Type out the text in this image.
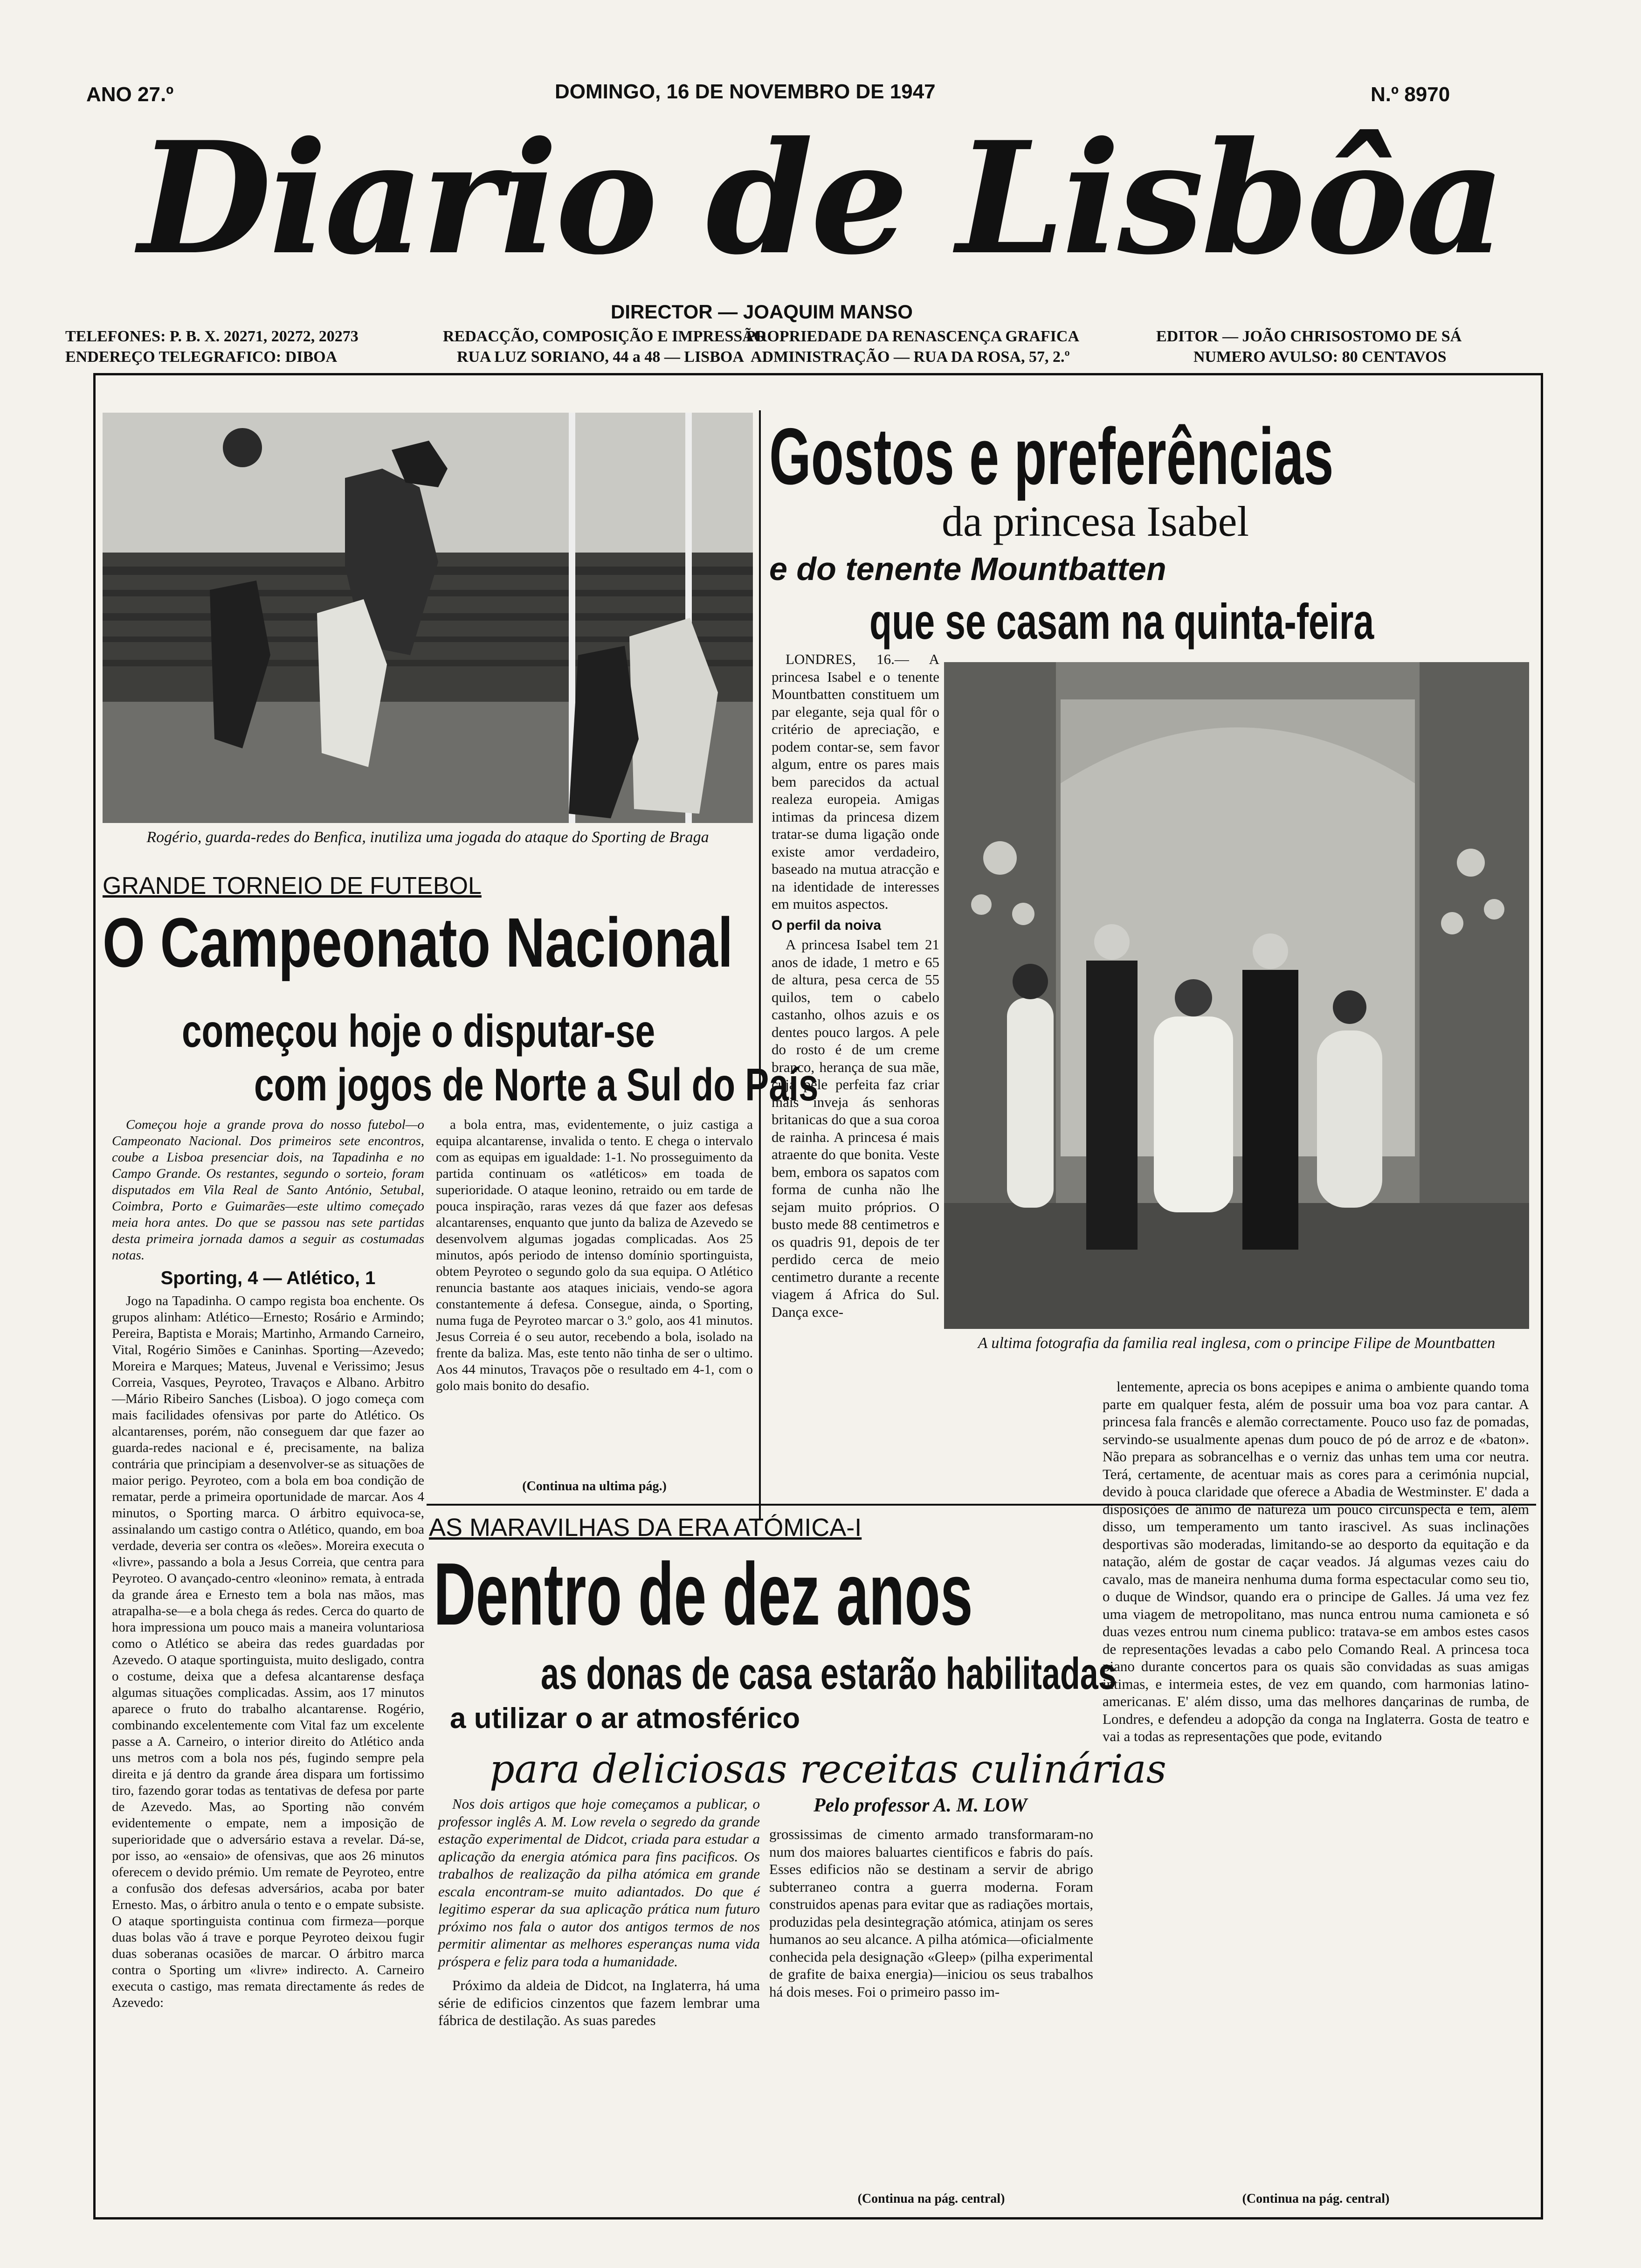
ANO 27.º	DOMINGO, 16 DE NOVEMBRO DE 1947	N.º 8970
Diario de Lisbôa
DIRECTOR — JOAQUIM MANSO
TELEFONES: P. B. X. 20271, 20272, 20273
ENDEREÇO TELEGRAFICO: DIBOA
REDACÇÃO, COMPOSIÇÃO E IMPRESSÃO
RUA LUZ SORIANO, 44 a 48 — LISBOA
PROPRIEDADE DA RENASCENÇA GRAFICA
ADMINISTRAÇÃO — RUA DA ROSA, 57, 2.º
EDITOR — JOÃO CHRISOSTOMO DE SÁ
NUMERO AVULSO: 80 CENTAVOS
Rogério, guarda-redes do Benfica, inutiliza uma jogada do ataque do Sporting de Braga
GRANDE TORNEIO DE FUTEBOL
O Campeonato Nacional
começou hoje o disputar-se
com jogos de Norte a Sul do País

Começou hoje a grande prova do nosso futebol—o Campeonato Nacional. Dos primeiros sete encontros, coube a Lisboa presenciar dois, na Tapadinha e no Campo Grande. Os restantes, segundo o sorteio, foram disputados em Vila Real de Santo António, Setubal, Coimbra, Porto e Guimarães—este ultimo começado meia hora antes. Do que se passou nas sete partidas desta primeira jornada damos a seguir as costumadas notas.

Sporting, 4 — Atlético, 1

Jogo na Tapadinha. O campo regista boa enchente. Os grupos alinham: Atlético—Ernesto; Rosário e Armindo; Pereira, Baptista e Morais; Martinho, Armando Carneiro, Vital, Rogério Simões e Caninhas. Sporting—Azevedo; Moreira e Marques; Mateus, Juvenal e Verissimo; Jesus Correia, Vasques, Peyroteo, Travaços e Albano. Arbitro—Mário Ribeiro Sanches (Lisboa). O jogo começa com mais facilidades ofensivas por parte do Atlético. Os alcantarenses, porém, não conseguem dar que fazer ao guarda-redes nacional e é, precisamente, na baliza contrária que principiam a desenvolver-se as situações de maior perigo. Peyroteo, com a bola em boa condição de rematar, perde a primeira oportunidade de marcar. Aos 4 minutos, o Sporting marca. O árbitro equivoca-se, assinalando um castigo contra o Atlético, quando, em boa verdade, deveria ser contra os «leões». Moreira executa o «livre», passando a bola a Jesus Correia, que centra para Peyroteo. O avançado-centro «leonino» remata, à entrada da grande área e Ernesto tem a bola nas mãos, mas atrapalha-se—e a bola chega ás redes. Cerca do quarto de hora impressiona um pouco mais a maneira voluntariosa como o Atlético se abeira das redes guardadas por Azevedo. O ataque sportinguista, muito desligado, contra o costume, deixa que a defesa alcantarense desfaça algumas situações complicadas. Assim, aos 17 minutos aparece o fruto do trabalho alcantarense. Rogério, combinando excelentemente com Vital faz um excelente passe a A. Carneiro, o interior direito do Atlético anda uns metros com a bola nos pés, fugindo sempre pela direita e já dentro da grande área dispara um fortissimo tiro, fazendo gorar todas as tentativas de defesa por parte de Azevedo. Mas, ao Sporting não convém evidentemente o empate, nem a imposição de superioridade que o adversário estava a revelar. Dá-se, por isso, ao «ensaio» de ofensivas, que aos 26 minutos oferecem o devido prémio. Um remate de Peyroteo, entre a confusão dos defesas adversários, acaba por bater Ernesto. Mas, o árbitro anula o tento e o empate subsiste. O ataque sportinguista continua com firmeza—porque duas bolas vão á trave e porque Peyroteo deixou fugir duas soberanas ocasiões de marcar. O árbitro marca contra o Sporting um «livre» indirecto. A. Carneiro executa o castigo, mas remata directamente ás redes de Azevedo:

a bola entra, mas, evidentemente, o juiz castiga a equipa alcantarense, invalida o tento. E chega o intervalo com as equipas em igualdade: 1-1. No prosseguimento da partida continuam os «atléticos» em toada de superioridade. O ataque leonino, retraido ou em tarde de pouca inspiração, raras vezes dá que fazer aos defesas alcantarenses, enquanto que junto da baliza de Azevedo se desenvolvem algumas jogadas complicadas. Aos 25 minutos, após periodo de intenso domínio sportinguista, obtem Peyroteo o segundo golo da sua equipa. O Atlético renuncia bastante aos ataques iniciais, vendo-se agora constantemente á defesa. Consegue, ainda, o Sporting, numa fuga de Peyroteo marcar o 3.º golo, aos 41 minutos. Jesus Correia é o seu autor, recebendo a bola, isolado na frente da baliza. Mas, este tento não tinha de ser o ultimo. Aos 44 minutos, Travaços põe o resultado em 4-1, com o golo mais bonito do desafio.

(Continua na ultima pág.)
Gostos e preferências
da princesa Isabel
e do tenente Mountbatten
que se casam na quinta-feira

LONDRES, 16.— A princesa Isabel e o tenente Mountbatten constituem um par elegante, seja qual fôr o critério de apreciação, e podem contar-se, sem favor algum, entre os pares mais bem parecidos da actual realeza europeia. Amigas intimas da princesa dizem tratar-se duma ligação onde existe amor verdadeiro, baseado na mutua atracção e na identidade de interesses em muitos aspectos.

O perfil da noiva

A princesa Isabel tem 21 anos de idade, 1 metro e 65 de altura, pesa cerca de 55 quilos, tem o cabelo castanho, olhos azuis e os dentes pouco largos. A pele do rosto é de um creme branco, herança de sua mãe, cuja pele perfeita faz criar mais inveja ás senhoras britanicas do que a sua coroa de rainha. A princesa é mais atraente do que bonita. Veste bem, embora os sapatos com forma de cunha não lhe sejam muito próprios. O busto mede 88 centimetros e os quadris 91, depois de ter perdido cerca de meio centimetro durante a recente viagem á Africa do Sul. Dança exce-

A ultima fotografia da familia real inglesa, com o principe Filipe de Mountbatten

lentemente, aprecia os bons acepipes e anima o ambiente quando toma parte em qualquer festa, além de possuir uma boa voz para cantar. A princesa fala francês e alemão correctamente. Pouco uso faz de pomadas, servindo-se usualmente apenas dum pouco de pó de arroz e de «baton». Não prepara as sobrancelhas e o verniz das unhas tem uma cor neutra. Terá, certamente, de acentuar mais as cores para a cerimónia nupcial, devido à pouca claridade que oferece a Abadia de Westminster. E' dada a disposições de ânimo de natureza um pouco circunspecta e tem, além disso, um temperamento um tanto irascivel. As suas inclinações desportivas são moderadas, limitando-se ao desporto da equitação e da natação, além de gostar de caçar veados. Já algumas vezes caiu do cavalo, mas de maneira nenhuma duma forma espectacular como seu tio, o duque de Windsor, quando era o principe de Galles. Já uma vez fez uma viagem de metropolitano, mas nunca entrou numa camioneta e só duas vezes entrou num cinema publico: tratava-se em ambos estes casos de representações levadas a cabo pelo Comando Real. A princesa toca piano durante concertos para os quais são convidadas as suas amigas intimas, e intermeia estes, de vez em quando, com harmonias latino-americanas. E' além disso, uma das melhores dançarinas de rumba, de Londres, e defendeu a adopção da conga na Inglaterra. Gosta de teatro e vai a todas as representações que pode, evitando

(Continua na pág. central)
AS MARAVILHAS DA ERA ATÓMICA-I
Dentro de dez anos
as donas de casa estarão habilitadas
a utilizar o ar atmosférico
para deliciosas receitas culinárias
Pelo professor A. M. LOW

Nos dois artigos que hoje começamos a publicar, o professor inglês A. M. Low revela o segredo da grande estação experimental de Didcot, criada para estudar a aplicação da energia atómica para fins pacificos. Os trabalhos de realização da pilha atómica em grande escala encontram-se muito adiantados. Do que é legitimo esperar da sua aplicação prática num futuro próximo nos fala o autor dos antigos termos de nos permitir alimentar as melhores esperanças numa vida próspera e feliz para toda a humanidade.

Próximo da aldeia de Didcot, na Inglaterra, há uma série de edificios cinzentos que fazem lembrar uma fábrica de destilação. As suas paredes

grossissimas de cimento armado transformaram-no num dos maiores baluartes cientificos e fabris do país. Esses edificios não se destinam a servir de abrigo subterraneo contra a guerra moderna. Foram construidos apenas para evitar que as radiações mortais, produzidas pela desintegração atómica, atinjam os seres humanos ao seu alcance. A pilha atómica—oficialmente conhecida pela designação «Gleep» (pilha experimental de grafite de baixa energia)—iniciou os seus trabalhos há dois meses. Foi o primeiro passo im-

(Continua na pág. central)
